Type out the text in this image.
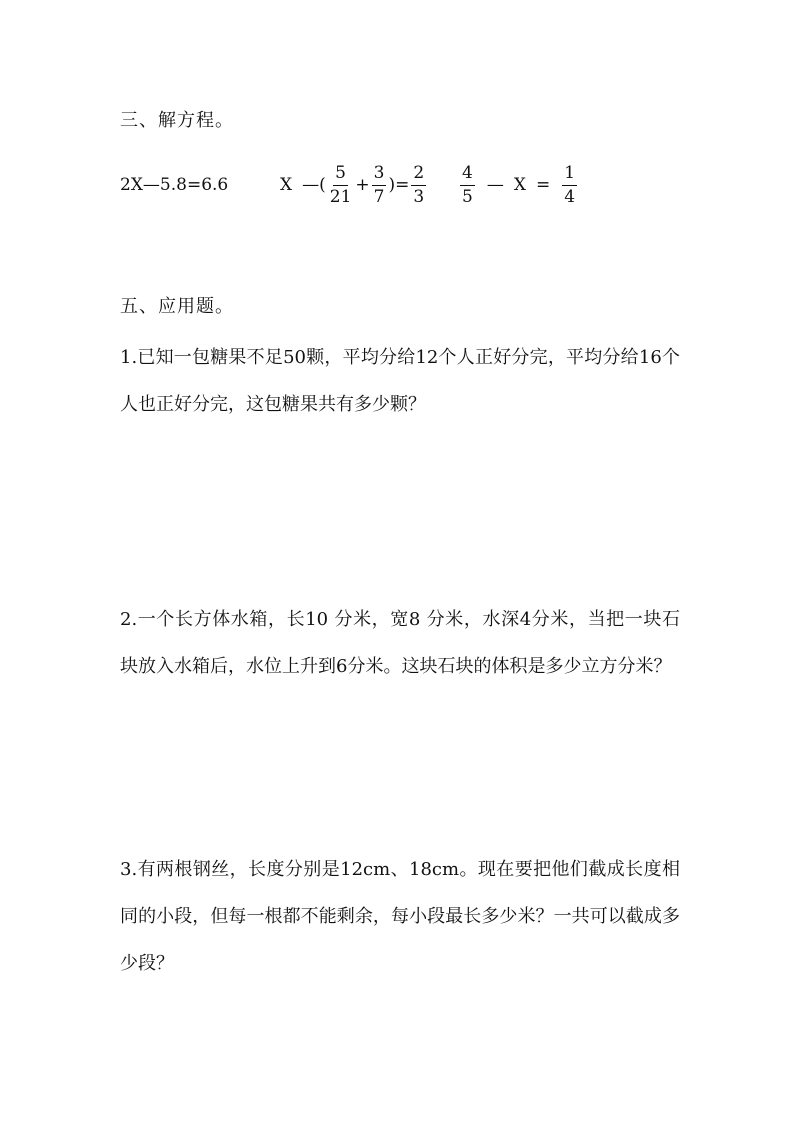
三、解方程。
2X—5.8=6.6	X —( $\frac{5}{21} + \frac{3}{7}$ )= $\frac{2}{3} \frac{4}{5}$ — $X = \frac{1}{4}$
五、应用题。
1.已知一包糖果不足50颗，平均分给12个人正好分完，平均分给16个人也正好分完，这包糖果共有多少颗？
2.一个长方体水箱，长10 分米，宽8 分米，水深4分米，当把一块石块放入水箱后，水位上升到6分米。这块石块的体积是多少立方分米？
3.有两根钢丝，长度分别是12cm、18cm。现在要把他们截成长度相同的小段，但每一根都不能剩余，每小段最长多少米？一共可以截成多少段？
